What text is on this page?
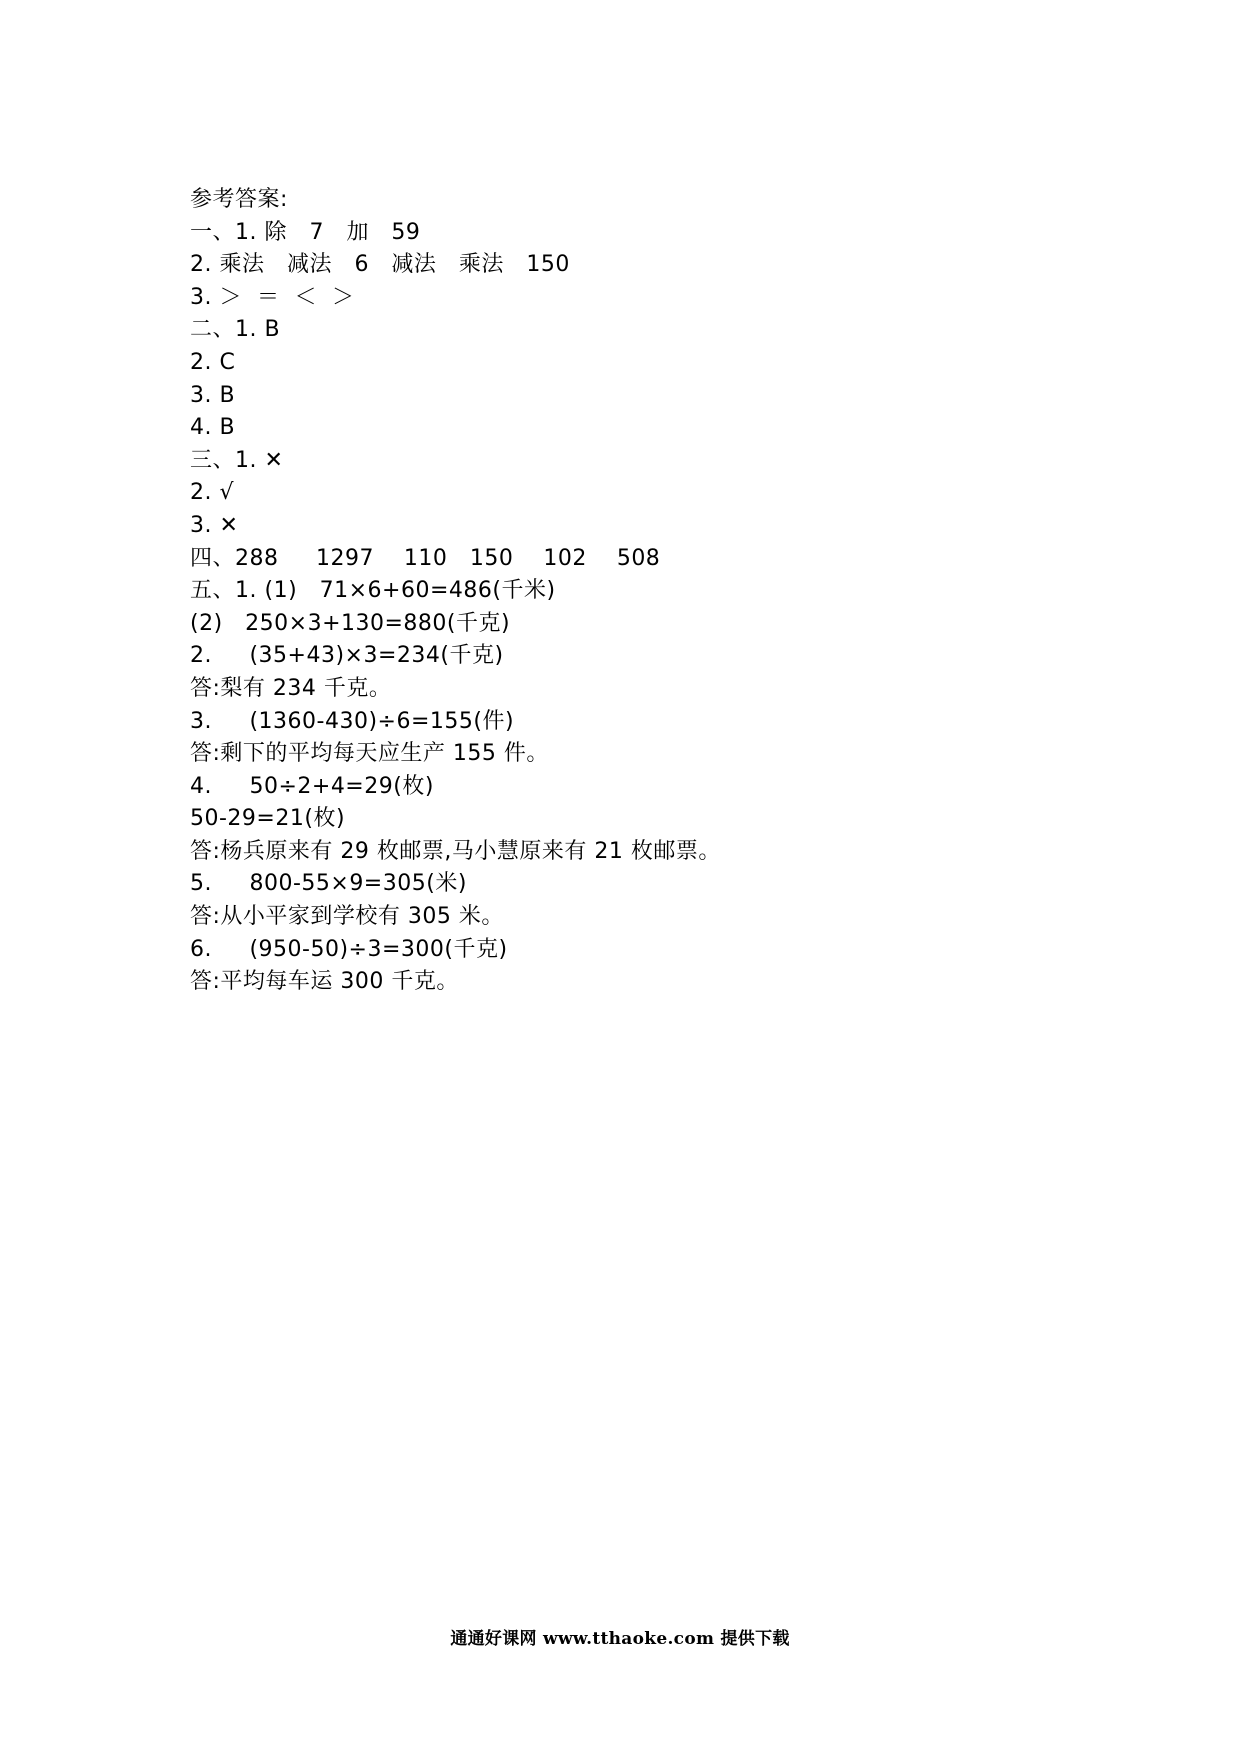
参考答案:
一、1. 除   7   加   59
2. 乘法   减法   6   减法   乘法   150
3. ＞  ＝  ＜  ＞
二、1. B
2. C
3. B
4. B
三、1. ✕
2. √
3. ✕
四、288     1297    110   150    102    508
五、1. (1)   71×6+60=486(千米)
(2)   250×3+130=880(千克)
2.     (35+43)×3=234(千克)
答:梨有 234 千克。
3.     (1360-430)÷6=155(件)
答:剩下的平均每天应生产 155 件。
4.     50÷2+4=29(枚)
50-29=21(枚)
答:杨兵原来有 29 枚邮票,马小慧原来有 21 枚邮票。
5.     800-55×9=305(米)
答:从小平家到学校有 305 米。
6.     (950-50)÷3=300(千克)
答:平均每车运 300 千克。
通通好课网 www.tthaoke.com 提供下载
